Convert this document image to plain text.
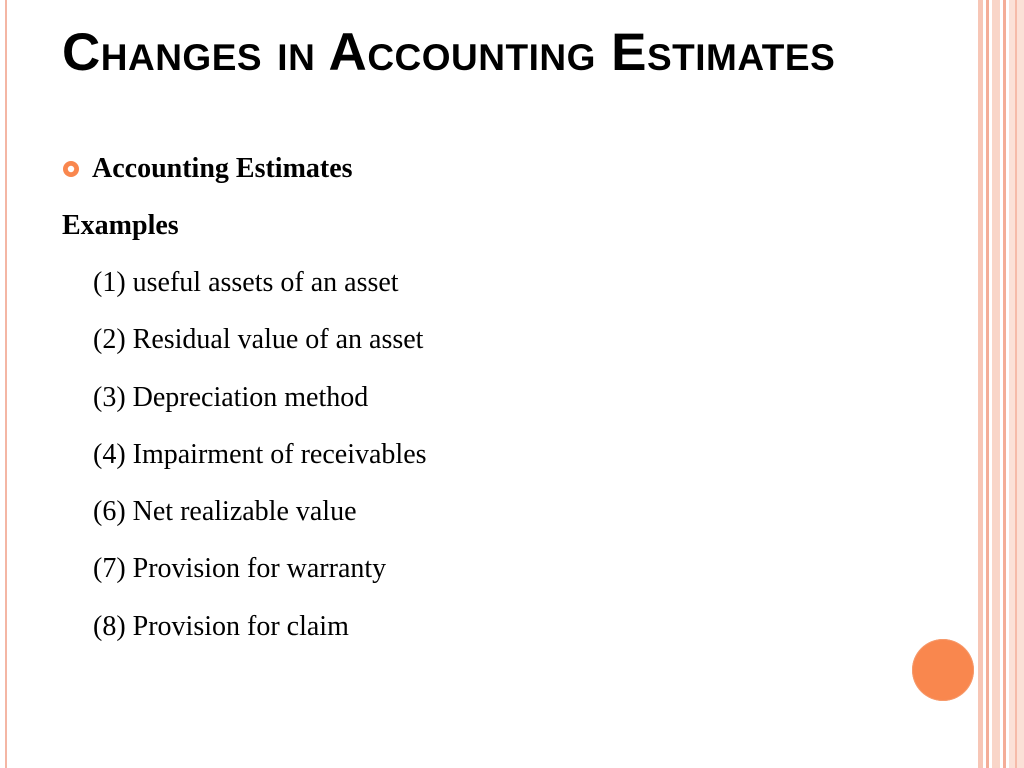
Changes in Accounting Estimates
Accounting Estimates
Examples
(1) useful assets of an asset
(2) Residual value of an asset
(3) Depreciation method
(4) Impairment of receivables
(6) Net realizable value
(7) Provision for warranty
(8) Provision for claim
